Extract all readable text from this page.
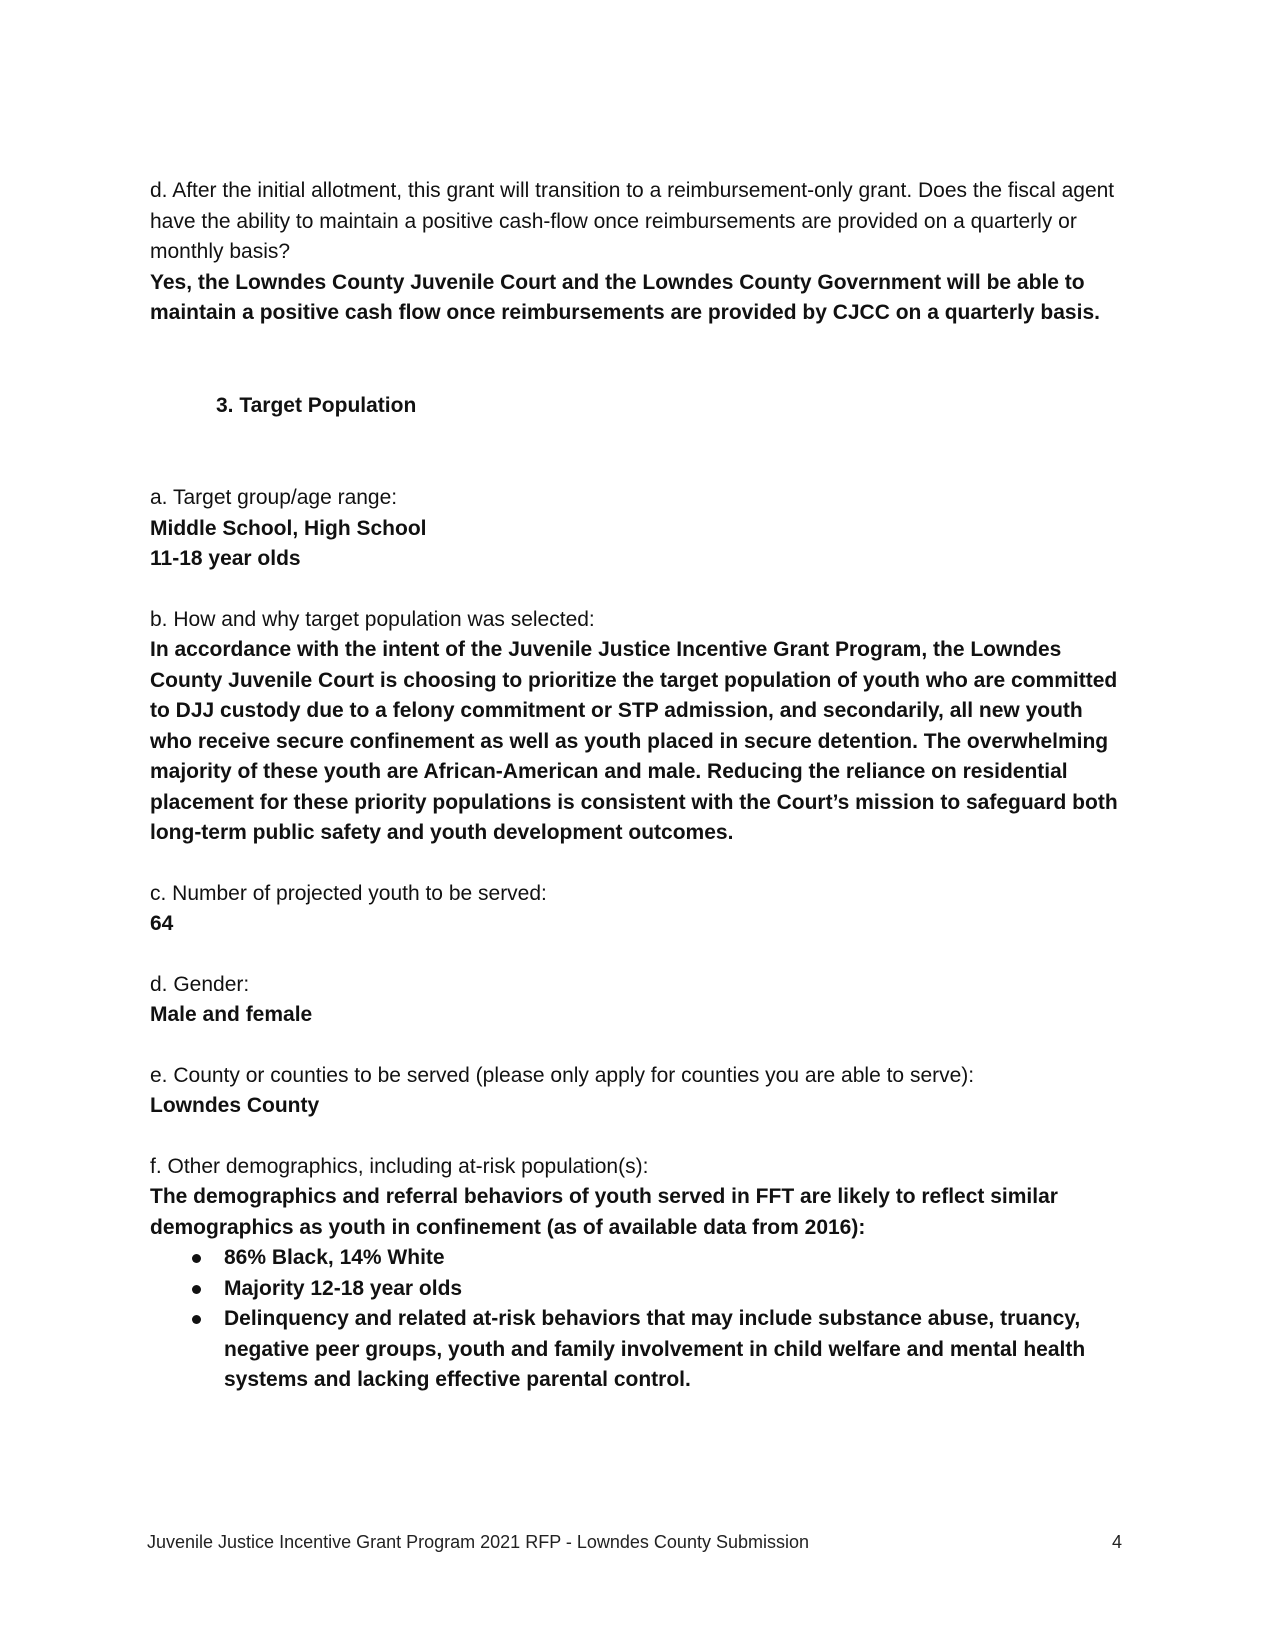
d. After the initial allotment, this grant will transition to a reimbursement-only grant. Does the fiscal agent have the ability to maintain a positive cash-flow once reimbursements are provided on a quarterly or monthly basis?

Yes, the Lowndes County Juvenile Court and the Lowndes County Government will be able to maintain a positive cash flow once reimbursements are provided by CJCC on a quarterly basis.

3. Target Population

a. Target group/age range:

Middle School, High School

11-18 year olds

b. How and why target population was selected:

In accordance with the intent of the Juvenile Justice Incentive Grant Program, the Lowndes County Juvenile Court is choosing to prioritize the target population of youth who are committed to DJJ custody due to a felony commitment or STP admission, and secondarily, all new youth who receive secure confinement as well as youth placed in secure detention. The overwhelming majority of these youth are African-American and male. Reducing the reliance on residential placement for these priority populations is consistent with the Court’s mission to safeguard both long-term public safety and youth development outcomes.

c. Number of projected youth to be served:

64

d. Gender:

Male and female

e. County or counties to be served (please only apply for counties you are able to serve):

Lowndes County

f. Other demographics, including at-risk population(s):

The demographics and referral behaviors of youth served in FFT are likely to reflect similar demographics as youth in confinement (as of available data from 2016):

86% Black, 14% White
Majority 12-18 year olds
Delinquency and related at-risk behaviors that may include substance abuse, truancy, negative peer groups, youth and family involvement in child welfare and mental health systems and lacking effective parental control.
Juvenile Justice Incentive Grant Program 2021 RFP - Lowndes County Submission	4
